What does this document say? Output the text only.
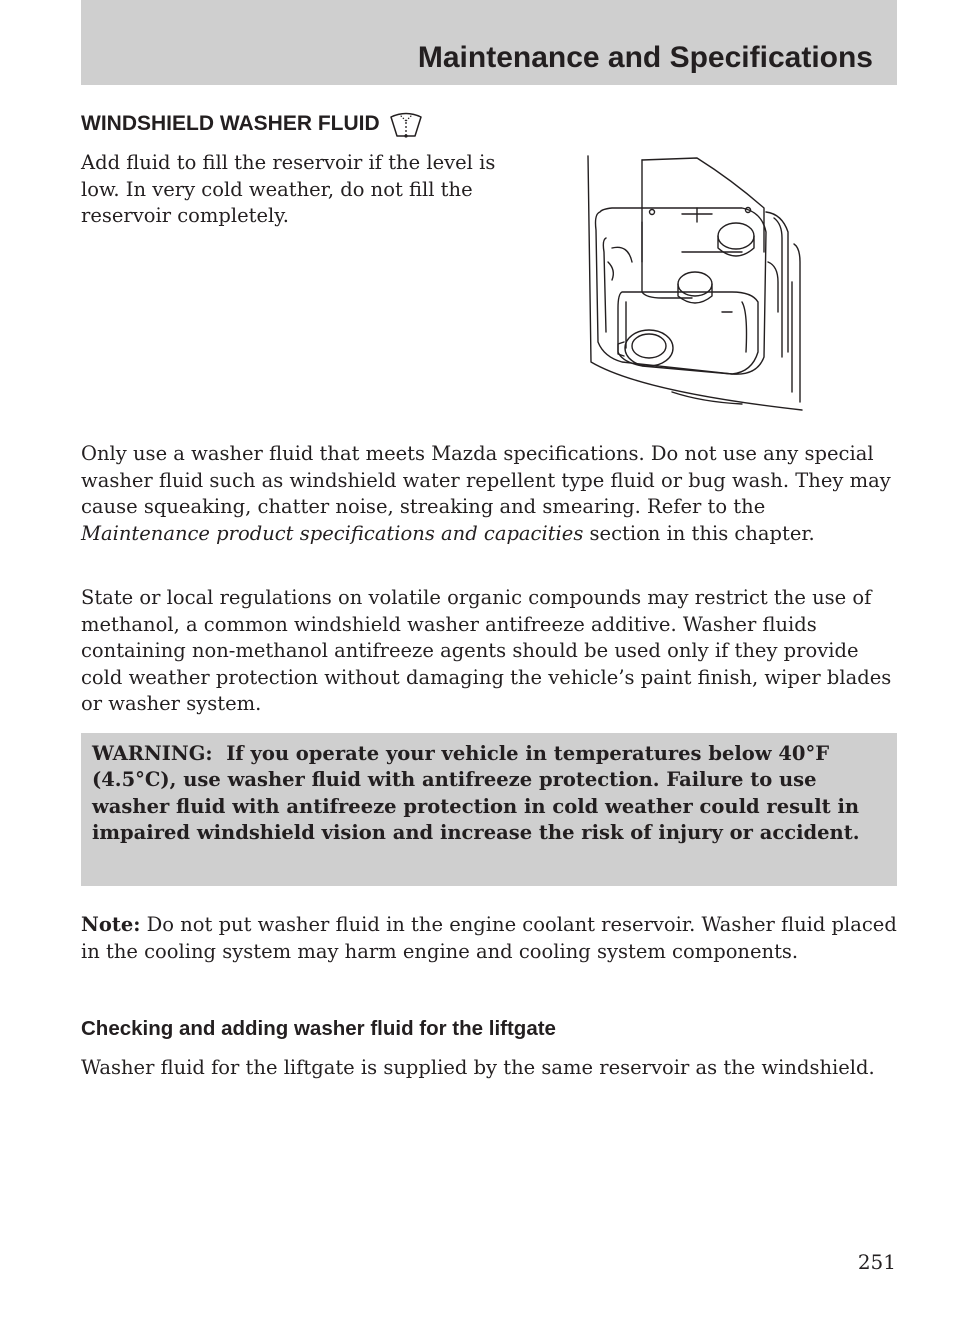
Maintenance and Specifications
WINDSHIELD WASHER FLUID

Add fluid to fill the reservoir if the level is low. In very cold weather, do not fill the reservoir completely.

Only use a washer fluid that meets Mazda specifications. Do not use any special washer fluid such as windshield water repellent type fluid or bug wash. They may cause squeaking, chatter noise, streaking and smearing. Refer to the Maintenance product specifications and capacities section in this chapter.

State or local regulations on volatile organic compounds may restrict the use of methanol, a common windshield washer antifreeze additive. Washer fluids containing non-methanol antifreeze agents should be used only if they provide cold weather protection without damaging the vehicle’s paint finish, wiper blades or washer system.

WARNING: If you operate your vehicle in temperatures below 40°F (4.5°C), use washer fluid with antifreeze protection. Failure to use washer fluid with antifreeze protection in cold weather could result in impaired windshield vision and increase the risk of injury or accident.

Note: Do not put washer fluid in the engine coolant reservoir. Washer fluid placed in the cooling system may harm engine and cooling system components.

Checking and adding washer fluid for the liftgate

Washer fluid for the liftgate is supplied by the same reservoir as the windshield.

251
